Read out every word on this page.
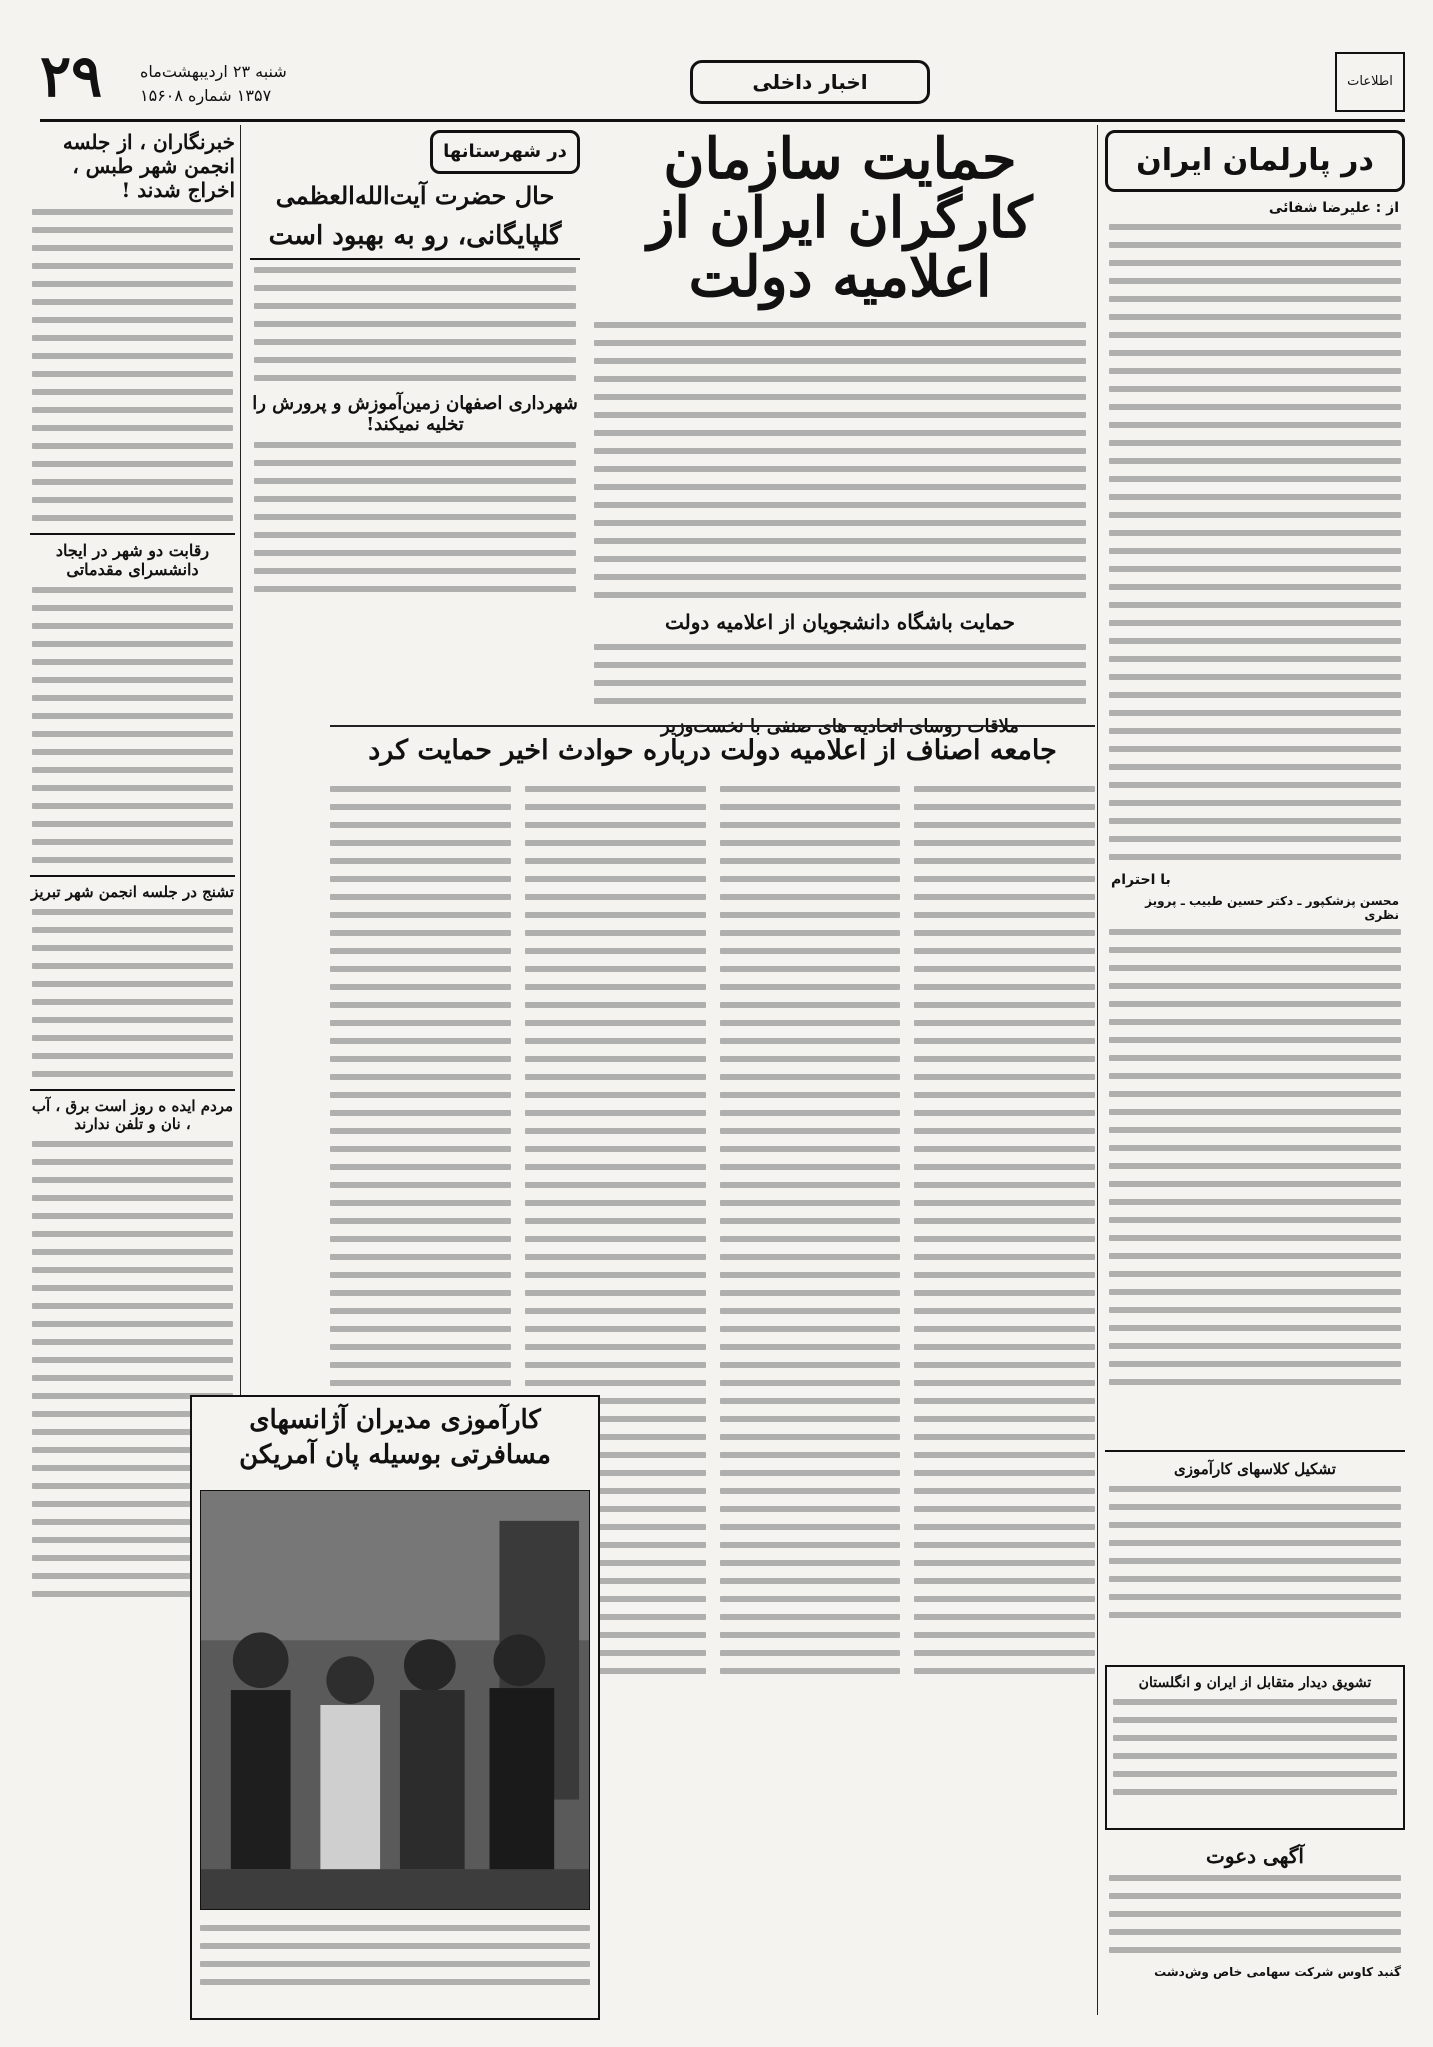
۲۹ شنبه ۲۳ اردیبهشت‌ماه
۱۳۵۷ شماره ۱۵۶۰۸
اخبار داخلی	اطلاعات
در پارلمان ایران
از : علیرضا شفائی
با احترام
محسن پزشکپور ـ دکتر حسین طبیب ـ پرویز نظری
تشکیل کلاسهای کارآموزی
تشویق دیدار متقابل از ایران و انگلستان
آگهی دعوت
گنبد کاوس شرکت سهامی خاص وش‌دشت
حمایت سازمان کارگران ایران از اعلامیه دولت
حمایت باشگاه دانشجویان از اعلامیه دولت
در شهرستانها
حال حضرت آیت‌الله‌العظمی
گلپایگانی، رو به بهبود است
شهرداری اصفهان زمین‌آموزش و پرورش را تخلیه نمیکند!
خبرنگاران ، از جلسه انجمن شهر طبس ، اخراج شدند !
رقابت دو شهر در ایجاد دانشسرای مقدماتی
تشنج در جلسه انجمن شهر تبریز
مردم ایده ه روز است برق ، آب ، نان و تلفن ندارند
جامعه اصناف از اعلامیه دولت درباره حوادث اخیر حمایت کرد
کارآموزی مدیران آژانسهای
مسافرتی بوسیله پان آمریکن
